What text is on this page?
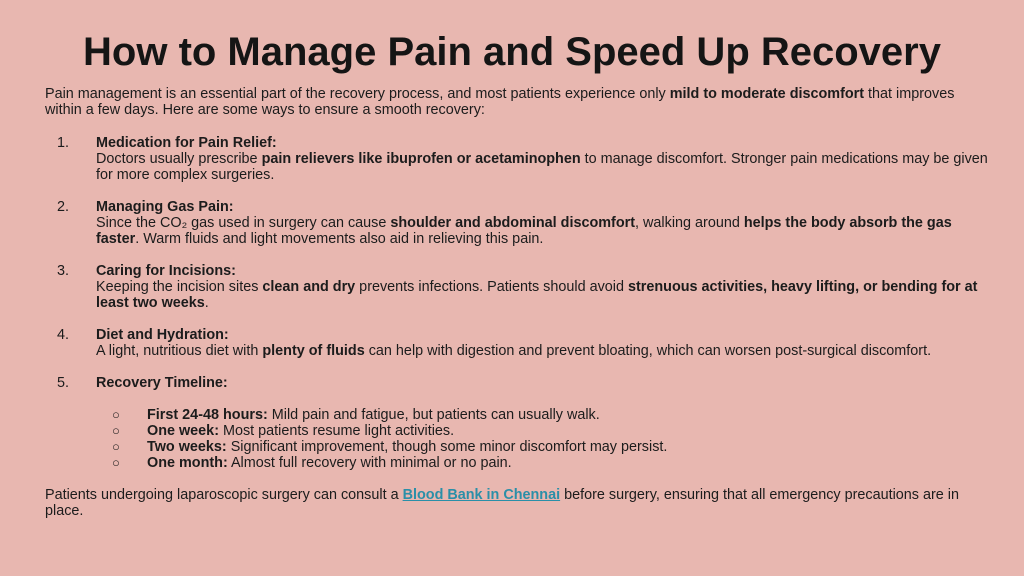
How to Manage Pain and Speed Up Recovery

Pain management is an essential part of the recovery process, and most patients experience only mild to moderate discomfort that improves within a few days. Here are some ways to ensure a smooth recovery:

1. Medication for Pain Relief:
Doctors usually prescribe pain relievers like ibuprofen or acetaminophen to manage discomfort. Stronger pain medications may be given for more complex surgeries.
2. Managing Gas Pain:
Since the CO₂ gas used in surgery can cause shoulder and abdominal discomfort, walking around helps the body absorb the gas faster. Warm fluids and light movements also aid in relieving this pain.
3. Caring for Incisions:
Keeping the incision sites clean and dry prevents infections. Patients should avoid strenuous activities, heavy lifting, or bending for at least two weeks.
4. Diet and Hydration:
A light, nutritious diet with plenty of fluids can help with digestion and prevent bloating, which can worsen post-surgical discomfort.
5. Recovery Timeline:
○ First 24-48 hours: Mild pain and fatigue, but patients can usually walk.
○ One week: Most patients resume light activities.
○ Two weeks: Significant improvement, though some minor discomfort may persist.
○ One month: Almost full recovery with minimal or no pain.

Patients undergoing laparoscopic surgery can consult a Blood Bank in Chennai before surgery, ensuring that all emergency precautions are in place.
